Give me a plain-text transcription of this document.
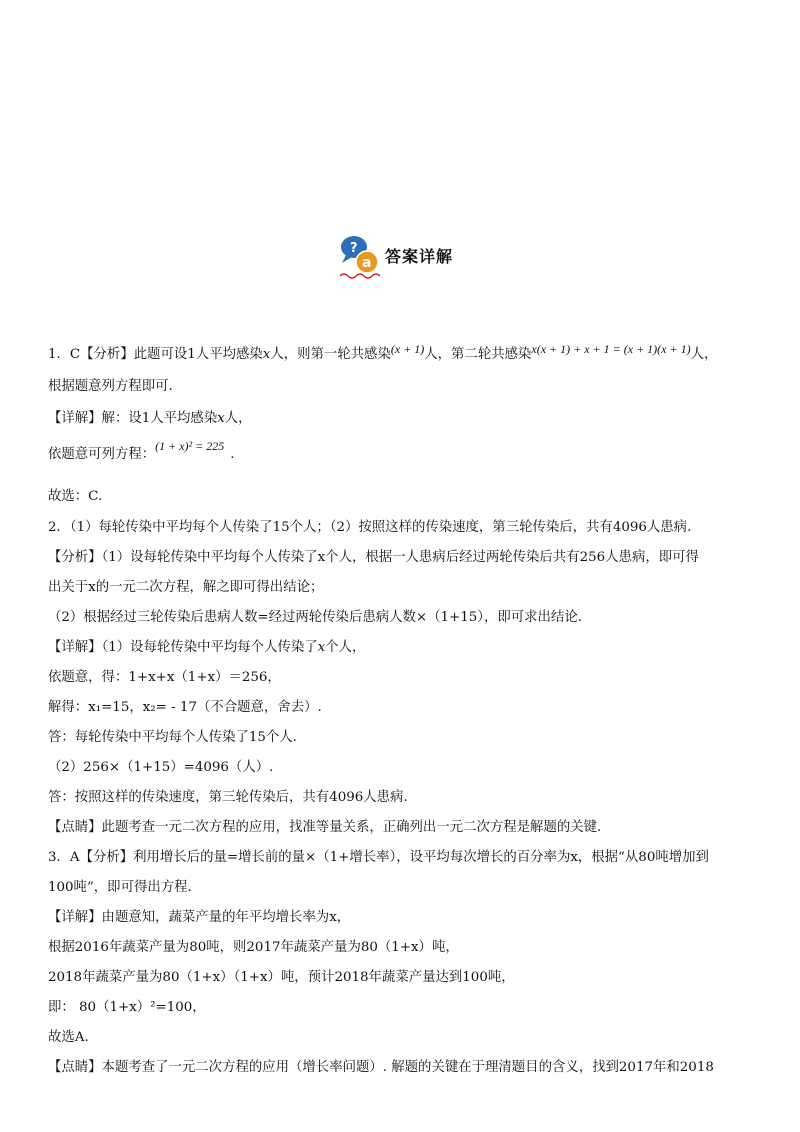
?
a 答案详解
1．C【分析】此题可设1人平均感染x人，则第一轮共感染(x + 1)人，第二轮共感染x(x + 1) + x + 1 = (x + 1)(x + 1)人，
根据题意列方程即可.
【详解】解：设1人平均感染x人，
依题意可列方程：(1 + x)² = 225.
故选：C.
2．（1）每轮传染中平均每个人传染了15个人；（2）按照这样的传染速度，第三轮传染后，共有4096人患病.
【分析】（1）设每轮传染中平均每个人传染了x个人，根据一人患病后经过两轮传染后共有256人患病，即可得
出关于x的一元二次方程，解之即可得出结论；
（2）根据经过三轮传染后患病人数=经过两轮传染后患病人数×（1+15），即可求出结论.
【详解】（1）设每轮传染中平均每个人传染了x个人，
依题意，得：1+x+x（1+x）＝256，
解得：x₁=15，x₂= - 17（不合题意，舍去）.
答：每轮传染中平均每个人传染了15个人.
（2）256×（1+15）=4096（人）.
答：按照这样的传染速度，第三轮传染后，共有4096人患病.
【点睛】此题考查一元二次方程的应用，找准等量关系，正确列出一元二次方程是解题的关键.
3．A【分析】利用增长后的量=增长前的量×（1+增长率），设平均每次增长的百分率为x，根据“从80吨增加到
100吨”，即可得出方程.
【详解】由题意知，蔬菜产量的年平均增长率为x，
根据2016年蔬菜产量为80吨，则2017年蔬菜产量为80（1+x）吨，
2018年蔬菜产量为80（1+x）（1+x）吨，预计2018年蔬菜产量达到100吨，
即： 80（1+x）²=100，
故选A.
【点睛】本题考查了一元二次方程的应用（增长率问题）. 解题的关键在于理清题目的含义，找到2017年和2018
